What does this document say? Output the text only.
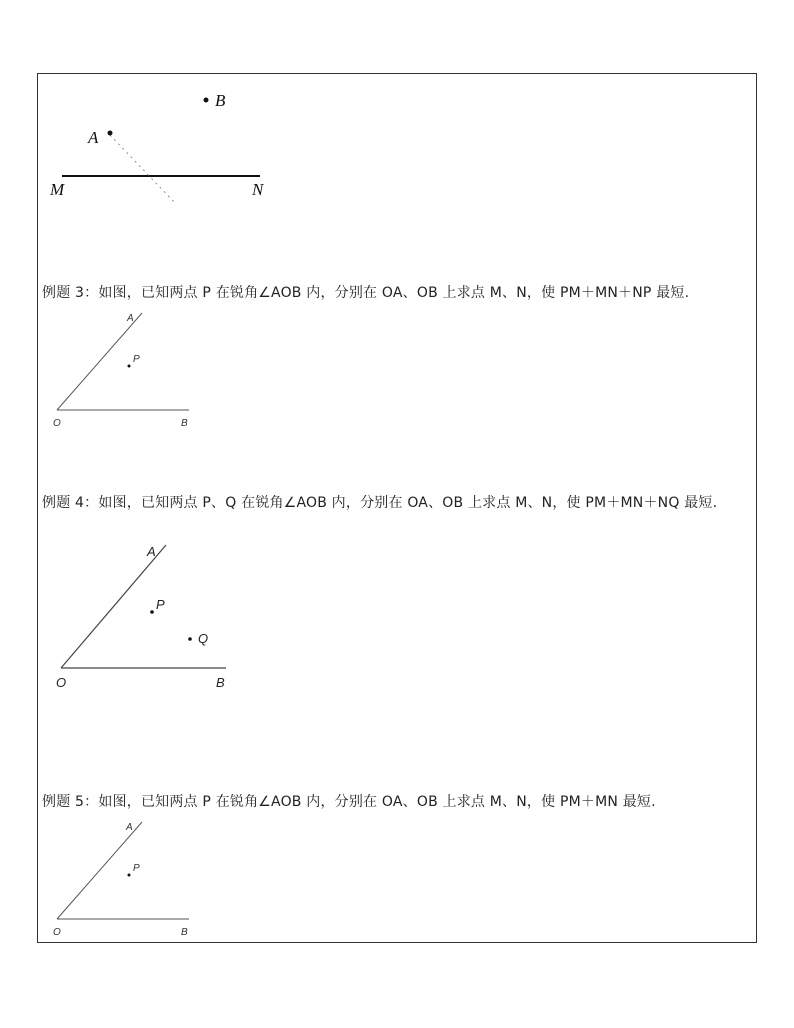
B
A
M	N
例题 3：如图，已知两点 P 在锐角∠AOB 内，分别在 OA、OB 上求点 M、N，使 PM＋MN＋NP 最短.
A
P
O	B
例题 4：如图，已知两点 P、Q 在锐角∠AOB 内，分别在 OA、OB 上求点 M、N，使 PM＋MN＋NQ 最短.
A
P
Q
O	B
例题 5：如图，已知两点 P 在锐角∠AOB 内，分别在 OA、OB 上求点 M、N，使 PM＋MN 最短.
A
P
O	B
